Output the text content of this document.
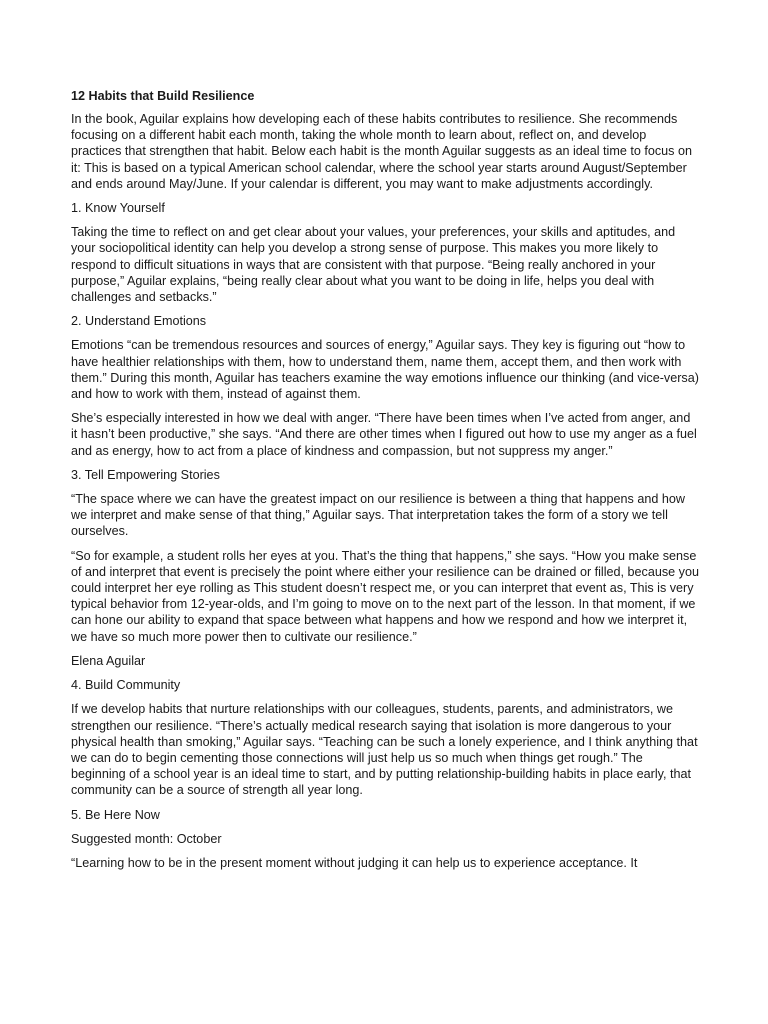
12 Habits that Build Resilience

In the book, Aguilar explains how developing each of these habits contributes to resilience. She recommends focusing on a different habit each month, taking the whole month to learn about, reflect on, and develop practices that strengthen that habit. Below each habit is the month Aguilar suggests as an ideal time to focus on it: This is based on a typical American school calendar, where the school year starts around August/September and ends around May/June. If your calendar is different, you may want to make adjustments accordingly.

1. Know Yourself

Taking the time to reflect on and get clear about your values, your preferences, your skills and aptitudes, and your sociopolitical identity can help you develop a strong sense of purpose. This makes you more likely to respond to difficult situations in ways that are consistent with that purpose. “Being really anchored in your purpose,” Aguilar explains, “being really clear about what you want to be doing in life, helps you deal with challenges and setbacks.”

2. Understand Emotions

Emotions “can be tremendous resources and sources of energy,” Aguilar says. They key is figuring out “how to have healthier relationships with them, how to understand them, name them, accept them, and then work with them.” During this month, Aguilar has teachers examine the way emotions influence our thinking (and vice-versa) and how to work with them, instead of against them.

She’s especially interested in how we deal with anger. “There have been times when I’ve acted from anger, and it hasn’t been productive,” she says. “And there are other times when I figured out how to use my anger as a fuel and as energy, how to act from a place of kindness and compassion, but not suppress my anger.”

3. Tell Empowering Stories

“The space where we can have the greatest impact on our resilience is between a thing that happens and how we interpret and make sense of that thing,” Aguilar says. That interpretation takes the form of a story we tell ourselves.

“So for example, a student rolls her eyes at you. That’s the thing that happens,” she says. “How you make sense of and interpret that event is precisely the point where either your resilience can be drained or filled, because you could interpret her eye rolling as This student doesn’t respect me, or you can interpret that event as, This is very typical behavior from 12-year-olds, and I’m going to move on to the next part of the lesson. In that moment, if we can hone our ability to expand that space between what happens and how we respond and how we interpret it, we have so much more power then to cultivate our resilience.”

Elena Aguilar

4. Build Community

If we develop habits that nurture relationships with our colleagues, students, parents, and administrators, we strengthen our resilience. “There’s actually medical research saying that isolation is more dangerous to your physical health than smoking,” Aguilar says. “Teaching can be such a lonely experience, and I think anything that we can do to begin cementing those connections will just help us so much when things get rough.” The beginning of a school year is an ideal time to start, and by putting relationship-building habits in place early, that community can be a source of strength all year long.

5. Be Here Now

Suggested month: October

“Learning how to be in the present moment without judging it can help us to experience acceptance. It
